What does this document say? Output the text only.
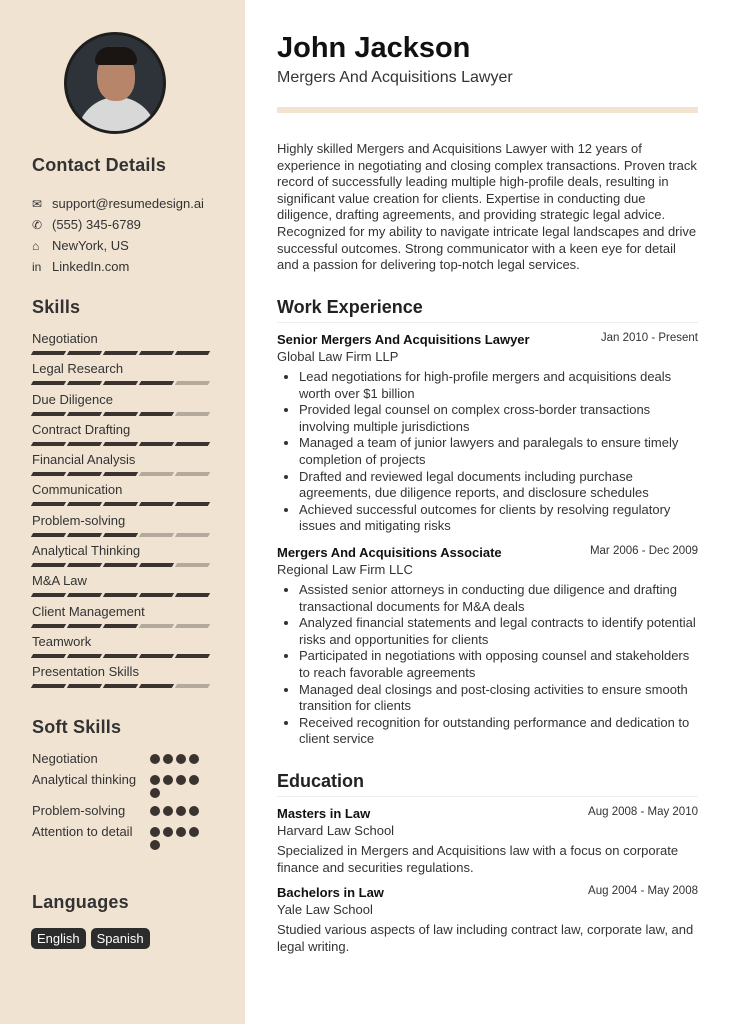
Contact Details
✉ support@resumedesign.ai
✆ (555) 345-6789
⌂ NewYork, US
in LinkedIn.com
Skills
Negotiation
Legal Research
Due Diligence
Contract Drafting
Financial Analysis
Communication
Problem-solving
Analytical Thinking
M&A Law
Client Management
Teamwork
Presentation Skills
Soft Skills
Negotiation
Analytical thinking
Problem-solving
Attention to detail
Languages
English	Spanish
John Jackson
Mergers And Acquisitions Lawyer
Highly skilled Mergers and Acquisitions Lawyer with 12 years of experience in negotiating and closing complex transactions. Proven track record of successfully leading multiple high-profile deals, resulting in significant value creation for clients. Expertise in conducting due diligence, drafting agreements, and providing strategic legal advice. Recognized for my ability to navigate intricate legal landscapes and drive successful outcomes. Strong communicator with a keen eye for detail and a passion for delivering top-notch legal services.
Work Experience
Senior Mergers And Acquisitions Lawyer	Jan 2010 - Present
Global Law Firm LLP
• Lead negotiations for high-profile mergers and acquisitions deals worth over $1 billion
• Provided legal counsel on complex cross-border transactions involving multiple jurisdictions
• Managed a team of junior lawyers and paralegals to ensure timely completion of projects
• Drafted and reviewed legal documents including purchase agreements, due diligence reports, and disclosure schedules
• Achieved successful outcomes for clients by resolving regulatory issues and mitigating risks
Mergers And Acquisitions Associate	Mar 2006 - Dec 2009
Regional Law Firm LLC
• Assisted senior attorneys in conducting due diligence and drafting transactional documents for M&A deals
• Analyzed financial statements and legal contracts to identify potential risks and opportunities for clients
• Participated in negotiations with opposing counsel and stakeholders to reach favorable agreements
• Managed deal closings and post-closing activities to ensure smooth transition for clients
• Received recognition for outstanding performance and dedication to client service
Education
Masters in Law	Aug 2008 - May 2010
Harvard Law School

Specialized in Mergers and Acquisitions law with a focus on corporate finance and securities regulations.

Bachelors in Law	Aug 2004 - May 2008
Yale Law School

Studied various aspects of law including contract law, corporate law, and legal writing.
